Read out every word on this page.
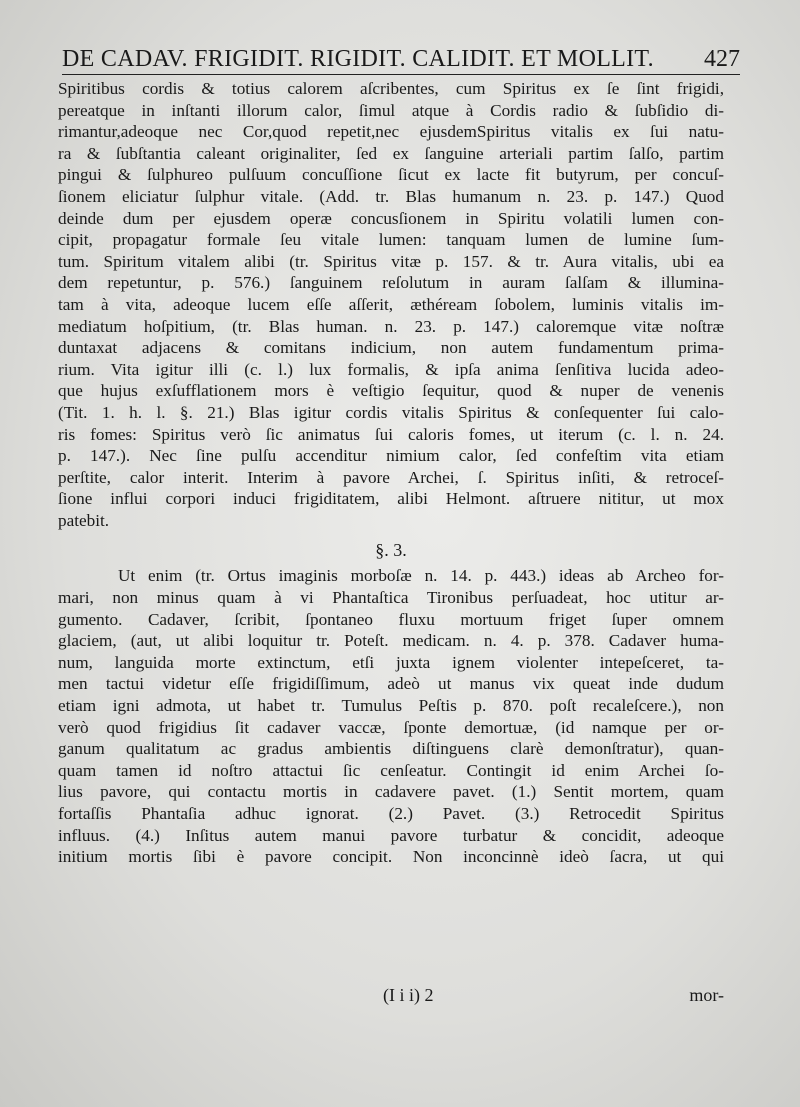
DE CADAV. FRIGIDIT. RIGIDIT. CALIDIT. ET MOLLIT. 427
Spiritibus cordis & totius calorem aſcribentes, cum Spiritus ex ſe ſint frigidi,
pereatque in inſtanti illorum calor, ſimul atque à Cordis radio & ſubſidio di-
rimantur,adeoque nec Cor,quod repetit,nec ejusdemSpiritus vitalis ex ſui natu-
ra & ſubſtantia caleant originaliter, ſed ex ſanguine arteriali partim ſalſo, partim
pingui & ſulphureo pulſuum concuſſione ſicut ex lacte fit butyrum, per concuſ-
ſionem eliciatur ſulphur vitale. (Add. tr. Blas humanum n. 23. p. 147.) Quod
deinde dum per ejusdem operæ concusſionem in Spiritu volatili lumen con-
cipit, propagatur formale ſeu vitale lumen: tanquam lumen de lumine ſum-
tum. Spiritum vitalem alibi (tr. Spiritus vitæ p. 157. & tr. Aura vitalis, ubi ea
dem repetuntur, p. 576.) ſanguinem reſolutum in auram ſalſam & illumina-
tam à vita, adeoque lucem eſſe aſſerit, æthéream ſobolem, luminis vitalis im-
mediatum hoſpitium, (tr. Blas human. n. 23. p. 147.) caloremque vitæ noſtræ
duntaxat adjacens & comitans indicium, non autem fundamentum prima-
rium. Vita igitur illi (c. l.) lux formalis, & ipſa anima ſenſitiva lucida adeo-
que hujus exſufflationem mors è veſtigio ſequitur, quod & nuper de venenis
(Tit. 1. h. l. §. 21.) Blas igitur cordis vitalis Spiritus & conſequenter ſui calo-
ris fomes: Spiritus verò ſic animatus ſui caloris fomes, ut iterum (c. l. n. 24.
p. 147.). Nec ſine pulſu accenditur nimium calor, ſed confeſtim vita etiam
perſtite, calor interit. Interim à pavore Archei, ſ. Spiritus inſiti, & retroceſ-
ſione influi corpori induci frigiditatem, alibi Helmont. aſtruere nititur, ut mox
patebit.
§. 3.
Ut enim (tr. Ortus imaginis morboſæ n. 14. p. 443.) ideas ab Archeo for-
mari, non minus quam à vi Phantaſtica Tironibus perſuadeat, hoc utitur ar-
gumento. Cadaver, ſcribit, ſpontaneo fluxu mortuum friget ſuper omnem
glaciem, (aut, ut alibi loquitur tr. Poteſt. medicam. n. 4. p. 378. Cadaver huma-
num, languida morte extinctum, etſi juxta ignem violenter intepeſceret, ta-
men tactui videtur eſſe frigidiſſimum, adeò ut manus vix queat inde dudum
etiam igni admota, ut habet tr. Tumulus Peſtis p. 870. poſt recaleſcere.), non
verò quod frigidius ſit cadaver vaccæ, ſponte demortuæ, (id namque per or-
ganum qualitatum ac gradus ambientis diſtinguens clarè demonſtratur), quan-
quam tamen id noſtro attactui ſic cenſeatur. Contingit id enim Archei ſo-
lius pavore, qui contactu mortis in cadavere pavet. (1.) Sentit mortem, quam
fortaſſis Phantaſia adhuc ignorat. (2.) Pavet. (3.) Retrocedit Spiritus
influus. (4.) Inſitus autem manui pavore turbatur & concidit, adeoque
initium mortis ſibi è pavore concipit. Non inconcinnè ideò ſacra, ut qui
(I i i) 2	mor-
